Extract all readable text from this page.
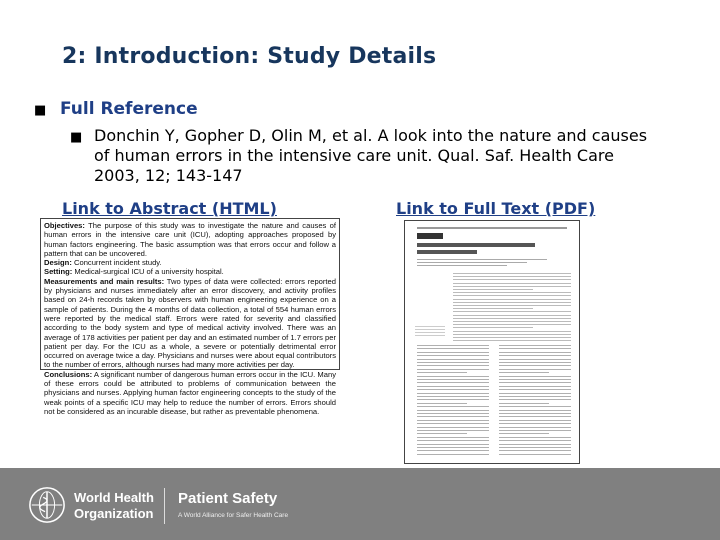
2: Introduction: Study Details
■ Full Reference
■ Donchin Y, Gopher D, Olin M, et al. A look into the nature and causes of human errors in the intensive care unit. Qual. Saf. Health Care 2003, 12; 143-147
Link to Abstract (HTML)	Link to Full Text (PDF)
Objectives: The purpose of this study was to investigate the nature and causes of human errors in the intensive care unit (ICU), adopting approaches proposed by human factors engineering. The basic assumption was that errors occur and follow a pattern that can be uncovered.
Design: Concurrent incident study.
Setting: Medical-surgical ICU of a university hospital.
Measurements and main results: Two types of data were collected: errors reported by physicians and nurses immediately after an error discovery, and activity profiles based on 24-h records taken by observers with human engineering experience on a sample of patients. During the 4 months of data collection, a total of 554 human errors were reported by the medical staff. Errors were rated for severity and classified according to the body system and type of medical activity involved. There was an average of 178 activities per patient per day and an estimated number of 1.7 errors per patient per day. For the ICU as a whole, a severe or potentially detrimental error occurred on average twice a day. Physicians and nurses were about equal contributors to the number of errors, although nurses had many more activities per day.
Conclusions: A significant number of dangerous human errors occur in the ICU. Many of these errors could be attributed to problems of communication between the physicians and nurses. Applying human factor engineering concepts to the study of the weak points of a specific ICU may help to reduce the number of errors. Errors should not be considered as an incurable disease, but rather as preventable phenomena.
World Health
Organization
Patient Safety
A World Alliance for Safer Health Care
